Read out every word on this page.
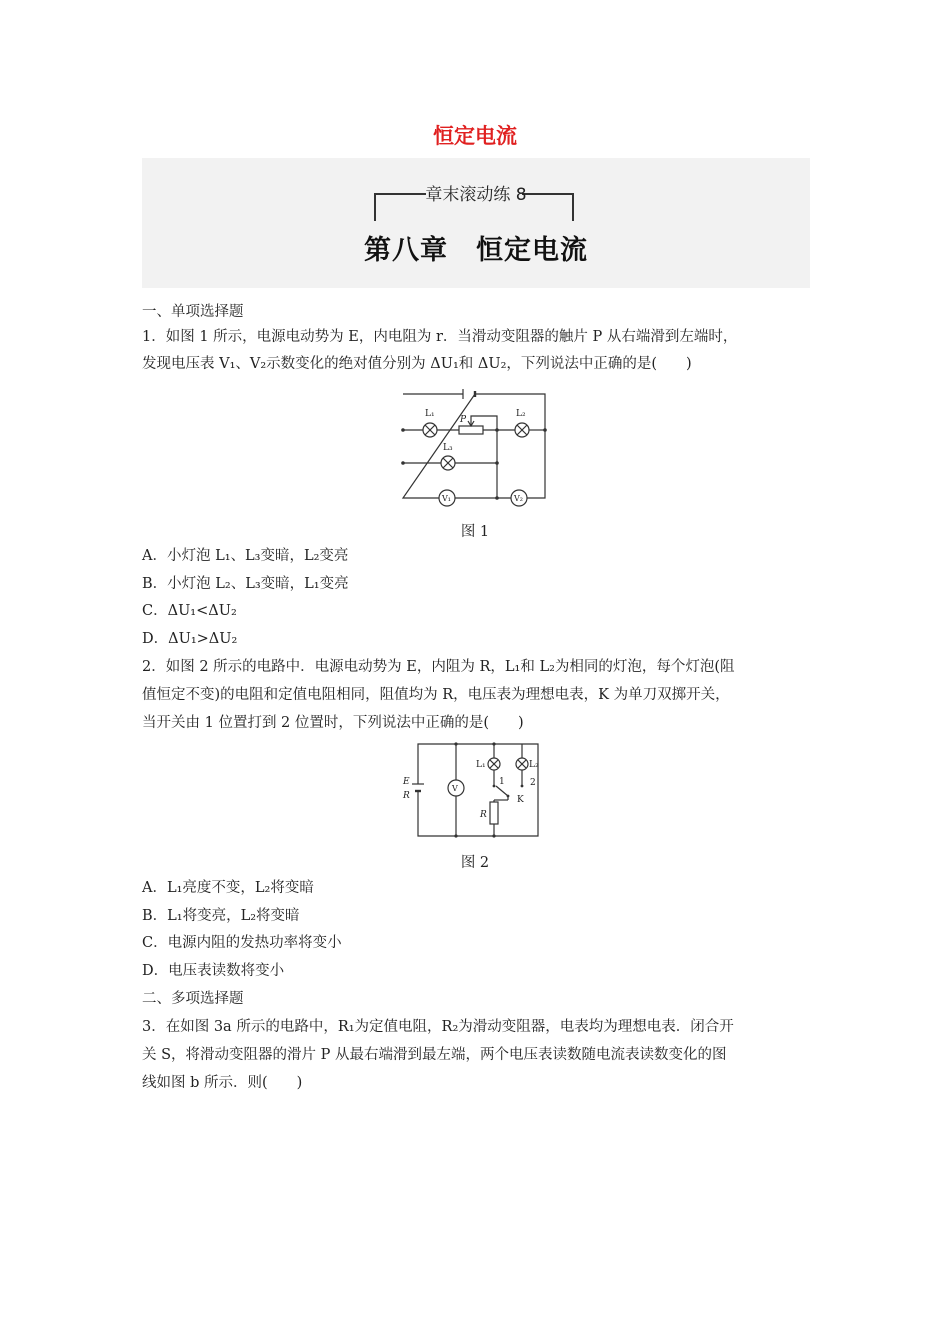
恒定电流
章末滚动练 8
第八章　恒定电流
一、单项选择题
1．如图 1 所示，电源电动势为 E，内电阻为 r．当滑动变阻器的触片 P 从右端滑到左端时，
发现电压表 V₁、V₂示数变化的绝对值分别为 ΔU₁和 ΔU₂，下列说法中正确的是(　　)
L₁
P
L₂
L₃
V₁	V₂
图 1
A．小灯泡 L₁、L₃变暗，L₂变亮
B．小灯泡 L₂、L₃变暗，L₁变亮
C．ΔU₁<ΔU₂
D．ΔU₁>ΔU₂
2．如图 2 所示的电路中．电源电动势为 E，内阻为 R，L₁和 L₂为相同的灯泡，每个灯泡(阻
值恒定不变)的电阻和定值电阻相同，阻值均为 R，电压表为理想电表，K 为单刀双掷开关，
当开关由 1 位置打到 2 位置时，下列说法中正确的是(　　)
E
R
V
L₁	L₂
1	2
K
R
图 2
A．L₁亮度不变，L₂将变暗
B．L₁将变亮，L₂将变暗
C．电源内阻的发热功率将变小
D．电压表读数将变小
二、多项选择题
3．在如图 3a 所示的电路中，R₁为定值电阻，R₂为滑动变阻器，电表均为理想电表．闭合开
关 S，将滑动变阻器的滑片 P 从最右端滑到最左端，两个电压表读数随电流表读数变化的图
线如图 b 所示．则(　　)
